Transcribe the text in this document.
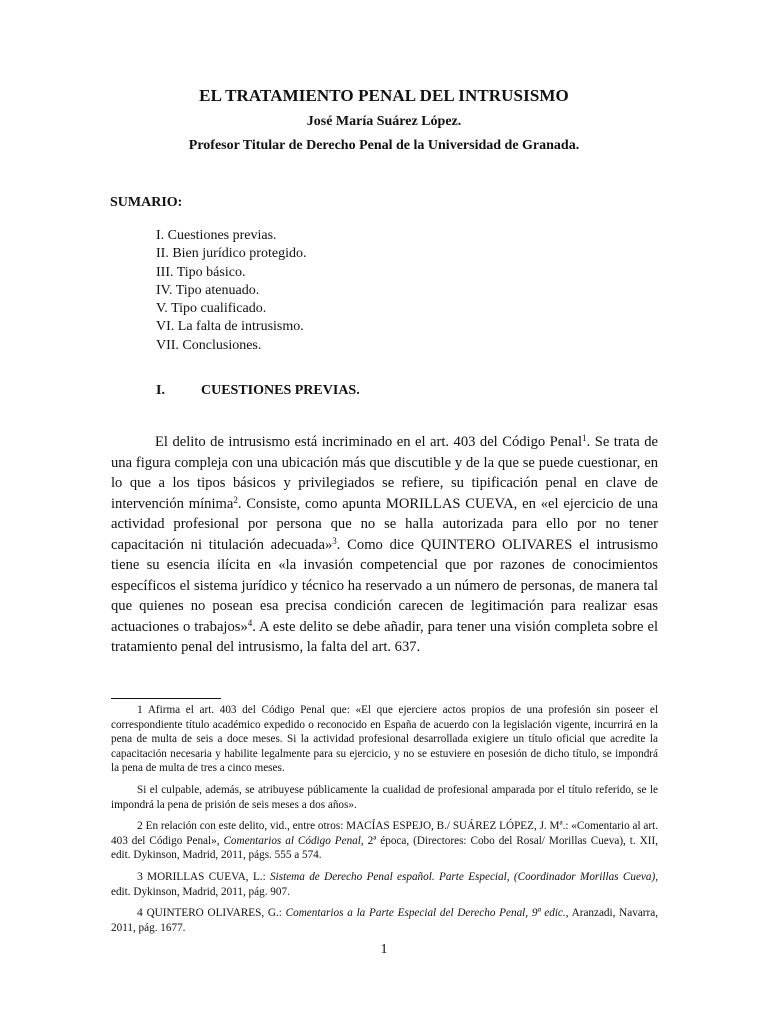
EL TRATAMIENTO PENAL DEL INTRUSISMO
José María Suárez López.
Profesor Titular de Derecho Penal de la Universidad de Granada.
SUMARIO:
I. Cuestiones previas.
II. Bien jurídico protegido.
III. Tipo básico.
IV. Tipo atenuado.
V. Tipo cualificado.
VI. La falta de intrusismo.
VII. Conclusiones.
I.	CUESTIONES PREVIAS.

El delito de intrusismo está incriminado en el art. 403 del Código Penal$^1$. Se trata de una figura compleja con una ubicación más que discutible y de la que se puede cuestionar, en lo que a los tipos básicos y privilegiados se refiere, su tipificación penal en clave de intervención mínima$^2$. Consiste, como apunta MORILLAS CUEVA, en «el ejercicio de una actividad profesional por persona que no se halla autorizada para ello por no tener capacitación ni titulación adecuada»$^3$. Como dice QUINTERO OLIVARES el intrusismo tiene su esencia ilícita en «la invasión competencial que por razones de conocimientos específicos el sistema jurídico y técnico ha reservado a un número de personas, de manera tal que quienes no posean esa precisa condición carecen de legitimación para realizar esas actuaciones o trabajos»$^4$. A este delito se debe añadir, para tener una visión completa sobre el tratamiento penal del intrusismo, la falta del art. 637.

1 Afirma el art. 403 del Código Penal que: «El que ejerciere actos propios de una profesión sin poseer el correspondiente título académico expedido o reconocido en España de acuerdo con la legislación vigente, incurrirá en la pena de multa de seis a doce meses. Si la actividad profesional desarrollada exigiere un título oficial que acredite la capacitación necesaria y habilite legalmente para su ejercicio, y no se estuviere en posesión de dicho título, se impondrá la pena de multa de tres a cinco meses.

Si el culpable, además, se atribuyese públicamente la cualidad de profesional amparada por el título referido, se le impondrá la pena de prisión de seis meses a dos años».

2 En relación con este delito, vid., entre otros: MACÍAS ESPEJO, B./ SUÁREZ LÓPEZ, J. Mª.: «Comentario al art. 403 del Código Penal», Comentarios al Código Penal, 2ª época, (Directores: Cobo del Rosal/ Morillas Cueva), t. XII, edit. Dykinson, Madrid, 2011, págs. 555 a 574.

3 MORILLAS CUEVA, L.: Sistema de Derecho Penal español. Parte Especial, (Coordinador Morillas Cueva), edit. Dykinson, Madrid, 2011, pág. 907.

4 QUINTERO OLIVARES, G.: Comentarios a la Parte Especial del Derecho Penal, 9ª edic., Aranzadi, Navarra, 2011, pág. 1677.

1
